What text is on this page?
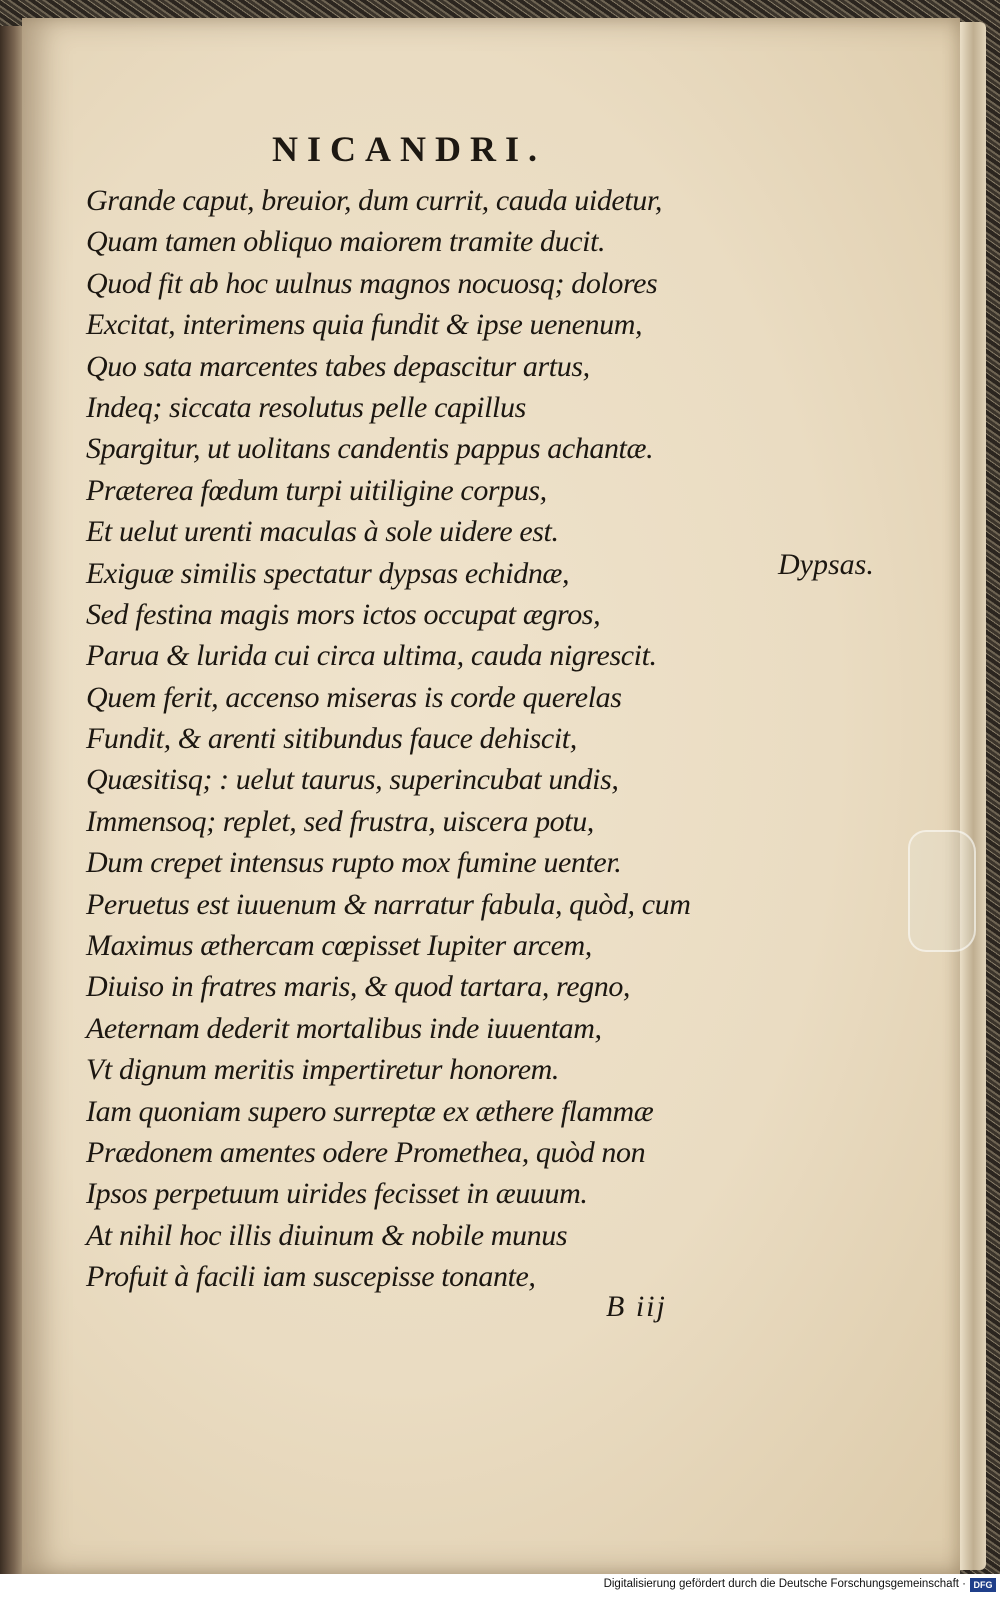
NICANDRI.
Grande caput, breuior, dum currit, cauda uidetur,
Quam tamen obliquo maiorem tramite ducit.
Quod fit ab hoc uulnus magnos nocuosq; dolores
Excitat, interimens quia fundit & ipse uenenum,
Quo sata marcentes tabes depascitur artus,
Indeq; siccata resolutus pelle capillus
Spargitur, ut uolitans candentis pappus achantæ.
Præterea fœdum turpi uitiligine corpus,
Et uelut urenti maculas à sole uidere est.
Exiguæ similis spectatur dypsas echidnæ,
Sed festina magis mors ictos occupat ægros,
Parua & lurida cui circa ultima, cauda nigrescit.
Quem ferit, accenso miseras is corde querelas
Fundit, & arenti sitibundus fauce dehiscit,
Quæsitisq; : uelut taurus, superincubat undis,
Immensoq; replet, sed frustra, uiscera potu,
Dum crepet intensus rupto mox fumine uenter.
Peruetus est iuuenum & narratur fabula, quòd, cum
Maximus æthercam cœpisset Iupiter arcem,
Diuiso in fratres maris, & quod tartara, regno,
Aeternam dederit mortalibus inde iuuentam,
Vt dignum meritis impertiretur honorem.
Iam quoniam supero surreptæ ex æthere flammæ
Prædonem amentes odere Promethea, quòd non
Ipsos perpetuum uirides fecisset in æuuum.
At nihil hoc illis diuinum & nobile munus
Profuit à facili iam suscepisse tonante,
Dypsas.
B iij
Digitalisierung gefördert durch die Deutsche Forschungsgemeinschaft · DFG
